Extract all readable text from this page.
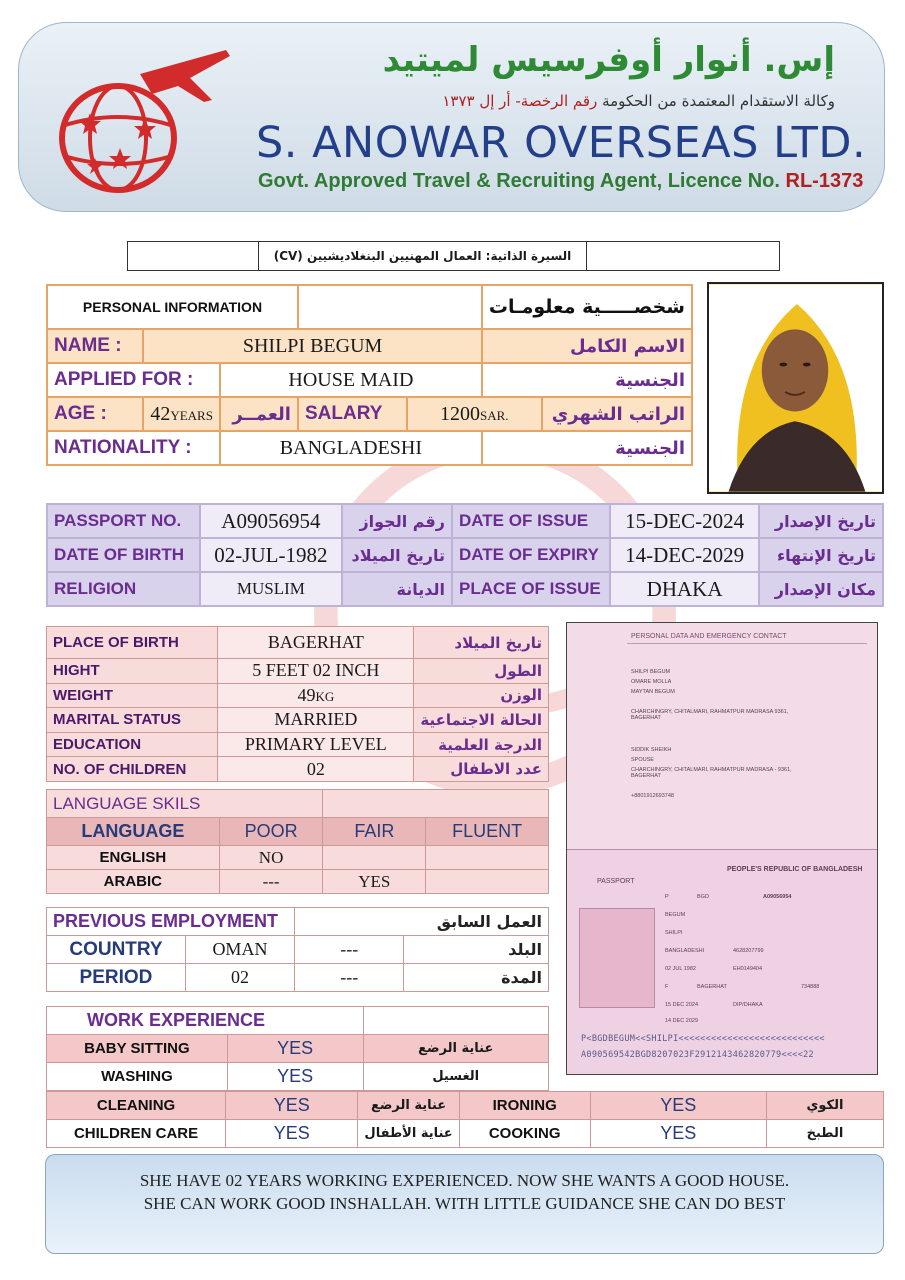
إس. أنوار أوفرسيس لميتيد
وكالة الاستقدام المعتمدة من الحكومة رقم الرخصة- أر إل ١٣٧٣
S. ANOWAR OVERSEAS LTD.
Govt. Approved Travel & Recruiting Agent, Licence No. RL-1373
السيرة الذاتية: العمال المهنيين البنغلاديشيين (CV)
PERSONAL INFORMATION					شخصـــــية معلومـات	
NAME :	SHILPI BEGUM				الاسم الكامل	
APPLIED FOR :		HOUSE MAID			الجنسية	
AGE :	42YEARS	العمــر	SALARY	1200SAR.		الراتب الشهري
NATIONALITY :		BANGLADESHI			الجنسية	
PASSPORT NO.	A09056954	رقم الجواز	DATE OF ISSUE	15-DEC-2024	تاريخ الإصدار
DATE OF BIRTH	02-JUL-1982	تاريخ الميلاد	DATE OF EXPIRY	14-DEC-2029	تاريخ الإنتهاء
RELIGION	MUSLIM	الديانة	PLACE OF ISSUE	DHAKA	مكان الإصدار
PLACE OF BIRTH	BAGERHAT	تاريخ الميلاد
HIGHT	5 FEET 02 INCH	الطول
WEIGHT	49KG	الوزن
MARITAL STATUS	MARRIED	الحالة الاجتماعية
EDUCATION	PRIMARY LEVEL	الدرجة العلمية
NO. OF CHILDREN	02	عدد الاطفال
LANGUAGE SKILS			
LANGUAGE	POOR	FAIR	FLUENT
ENGLISH	NO		
ARABIC	---	YES	
PREVIOUS EMPLOYMENT		العمل السابق	
COUNTRY	OMAN	---	البلد
PERIOD	02	---	المدة
WORK EXPERIENCE		
BABY SITTING	YES	عناية الرضع
WASHING	YES	الغسيل
CLEANING	YES	عناية الرضع	IRONING	YES	الكوي
CHILDREN CARE	YES	عناية الأطفال	COOKING	YES	الطبخ
PERSONAL DATA AND EMERGENCY CONTACT
SHILPI BEGUM
OMARE MOLLA
MAYTAN BEGUM
CHARCHINGRY, CHITALMARI, RAHMATPUR MADRASA 9361, BAGERHAT
SIDDIK SHEIKH
SPOUSE
CHARCHINGRY, CHITALMARI, RAHMATPUR MADRASA - 9361, BAGERHAT
+8801912693748
PEOPLE'S REPUBLIC OF BANGLADESH
PASSPORT
P	BGD	A09056954
BEGUM
SHILPI
BANGLADESHI	4628207799
02 JUL 1982	EH0149404
F	BAGERHAT	734888
15 DEC 2024	DIP/DHAKA
14 DEC 2029
P<BGDBEGUM<<SHILPI<<<<<<<<<<<<<<<<<<<<<<<<<<<
A090569542BGD8207023F2912143462820779<<<<22
SHE HAVE 02 YEARS WORKING EXPERIENCED. NOW SHE WANTS A GOOD HOUSE.
SHE CAN WORK GOOD INSHALLAH. WITH LITTLE GUIDANCE SHE CAN DO BEST
